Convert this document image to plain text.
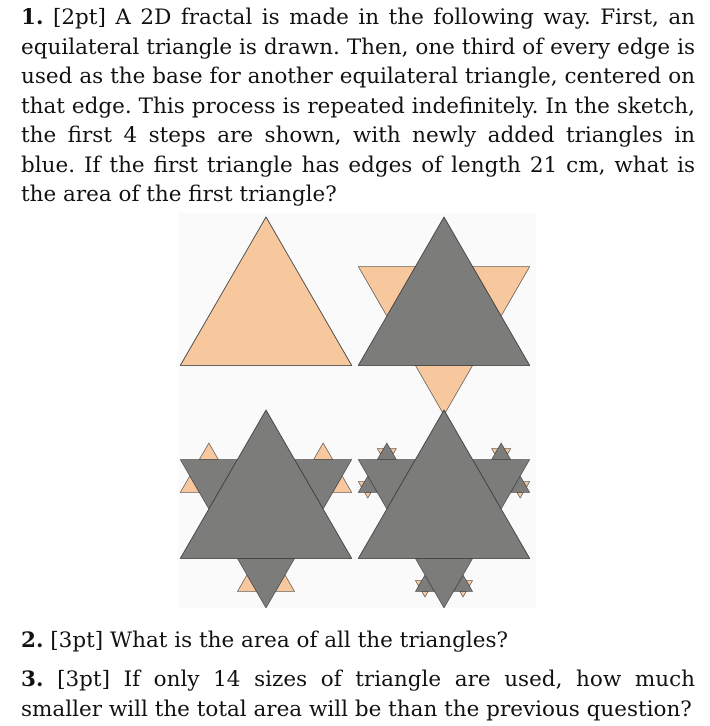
1. [2pt] A 2D fractal is made in the following way. First, an equilateral triangle is drawn. Then, one third of every edge is used as the base for another equilateral triangle, centered on that edge. This process is repeated indefinitely. In the sketch, the first 4 steps are shown, with newly added triangles in blue. If the first triangle has edges of length 21 cm, what is the area of the first triangle?

2. [3pt] What is the area of all the triangles?

3. [3pt] If only 14 sizes of triangle are used, how much smaller will the total area will be than the previous question?
